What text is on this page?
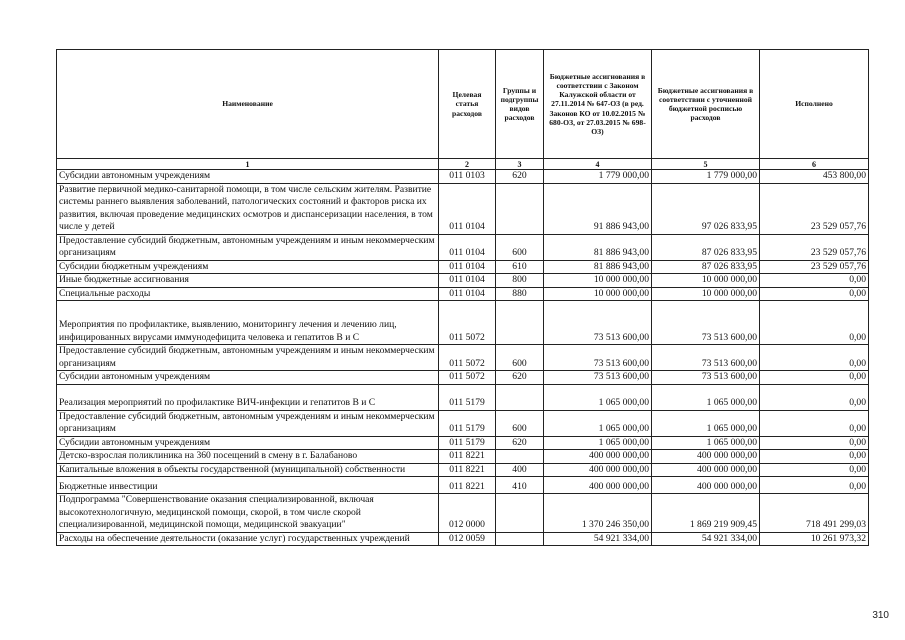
Наименование	Целевая статья расходов	Группы и подгруппы видов расходов	Бюджетные ассигнования в соответствии с Законом Калужской области от 27.11.2014 № 647-ОЗ (в ред. Законов КО от 10.02.2015 № 680-ОЗ, от 27.03.2015 № 698-ОЗ)	Бюджетные ассигнования в соответствии с уточненной бюджетной росписью расходов	Исполнено
1	2	3	4	5	6
Субсидии автономным учреждениям	011 0103	620	1 779 000,00	1 779 000,00	453 800,00
Развитие первичной медико-санитарной помощи, в том числе сельским жителям. Развитие системы раннего выявления заболеваний, патологических состояний и факторов риска их развития, включая проведение медицинских осмотров и диспансеризации населения, в том числе у детей	011 0104		91 886 943,00	97 026 833,95	23 529 057,76
Предоставление субсидий бюджетным, автономным учреждениям и иным некоммерческим организациям	011 0104	600	81 886 943,00	87 026 833,95	23 529 057,76
Субсидии бюджетным учреждениям	011 0104	610	81 886 943,00	87 026 833,95	23 529 057,76
Иные бюджетные ассигнования	011 0104	800	10 000 000,00	10 000 000,00	0,00
Специальные расходы	011 0104	880	10 000 000,00	10 000 000,00	0,00
Мероприятия по профилактике, выявлению, мониторингу лечения и лечению лиц, инфицированных вирусами иммунодефицита человека и гепатитов В и С	011 5072		73 513 600,00	73 513 600,00	0,00
Предоставление субсидий бюджетным, автономным учреждениям и иным некоммерческим организациям	011 5072	600	73 513 600,00	73 513 600,00	0,00
Субсидии автономным учреждениям	011 5072	620	73 513 600,00	73 513 600,00	0,00
Реализация мероприятий по профилактике ВИЧ-инфекции и гепатитов В и С	011 5179		1 065 000,00	1 065 000,00	0,00
Предоставление субсидий бюджетным, автономным учреждениям и иным некоммерческим организациям	011 5179	600	1 065 000,00	1 065 000,00	0,00
Субсидии автономным учреждениям	011 5179	620	1 065 000,00	1 065 000,00	0,00
Детско-взрослая поликлиника на 360 посещений в смену в г. Балабаново	011 8221		400 000 000,00	400 000 000,00	0,00
Капитальные вложения в объекты государственной (муниципальной) собственности	011 8221	400	400 000 000,00	400 000 000,00	0,00
Бюджетные инвестиции	011 8221	410	400 000 000,00	400 000 000,00	0,00
Подпрограмма "Совершенствование оказания специализированной, включая высокотехнологичную, медицинской помощи, скорой, в том числе скорой специализированной, медицинской помощи, медицинской эвакуации"	012 0000		1 370 246 350,00	1 869 219 909,45	718 491 299,03
Расходы на обеспечение деятельности (оказание услуг) государственных учреждений	012 0059		54 921 334,00	54 921 334,00	10 261 973,32
310
